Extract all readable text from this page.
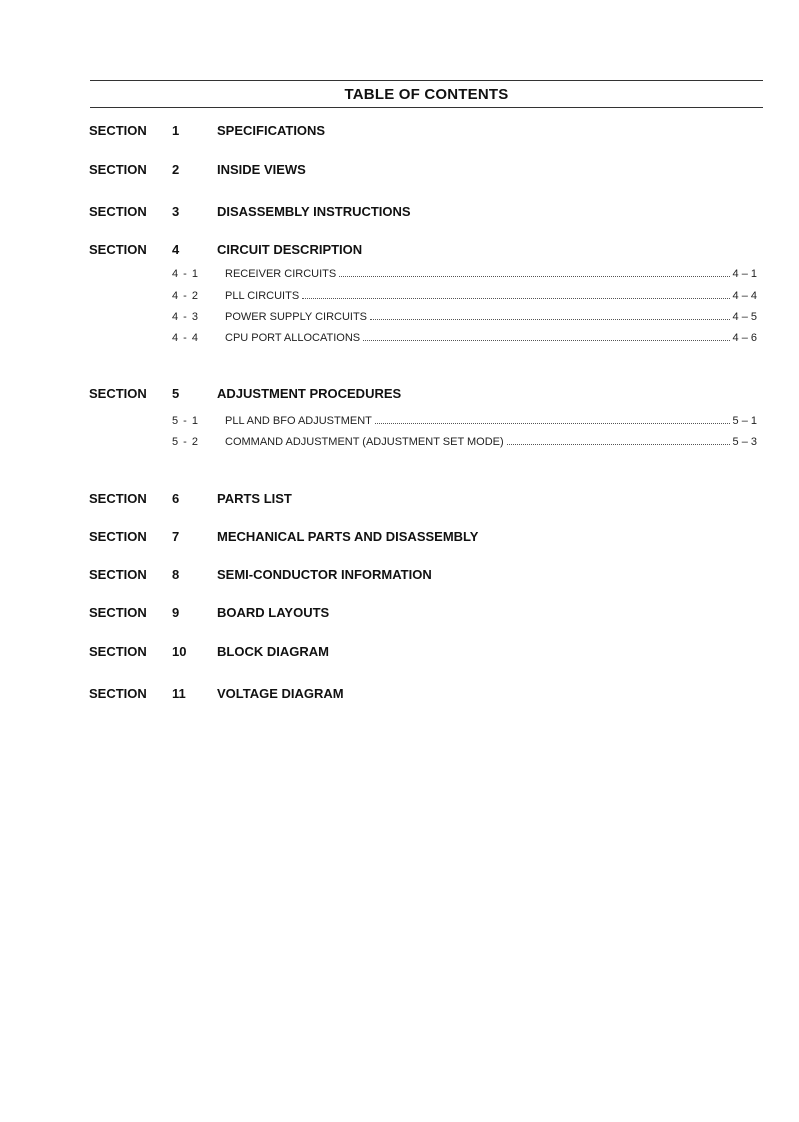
TABLE OF CONTENTS
SECTION 1	SPECIFICATIONS
SECTION 2	INSIDE VIEWS
SECTION 3	DISASSEMBLY INSTRUCTIONS
SECTION 4	CIRCUIT DESCRIPTION
4 - 1 RECEIVER CIRCUITS	4 – 1
4 - 2 PLL CIRCUITS	4 – 4
4 - 3 POWER SUPPLY CIRCUITS	4 – 5
4 - 4 CPU PORT ALLOCATIONS	4 – 6
SECTION 5	ADJUSTMENT PROCEDURES
5 - 1 PLL AND BFO ADJUSTMENT	5 – 1
5 - 2 COMMAND ADJUSTMENT (ADJUSTMENT SET MODE)	5 – 3
SECTION 6	PARTS LIST
SECTION 7	MECHANICAL PARTS AND DISASSEMBLY
SECTION 8	SEMI-CONDUCTOR INFORMATION
SECTION 9	BOARD LAYOUTS
SECTION 10 BLOCK DIAGRAM
SECTION 11 VOLTAGE DIAGRAM
